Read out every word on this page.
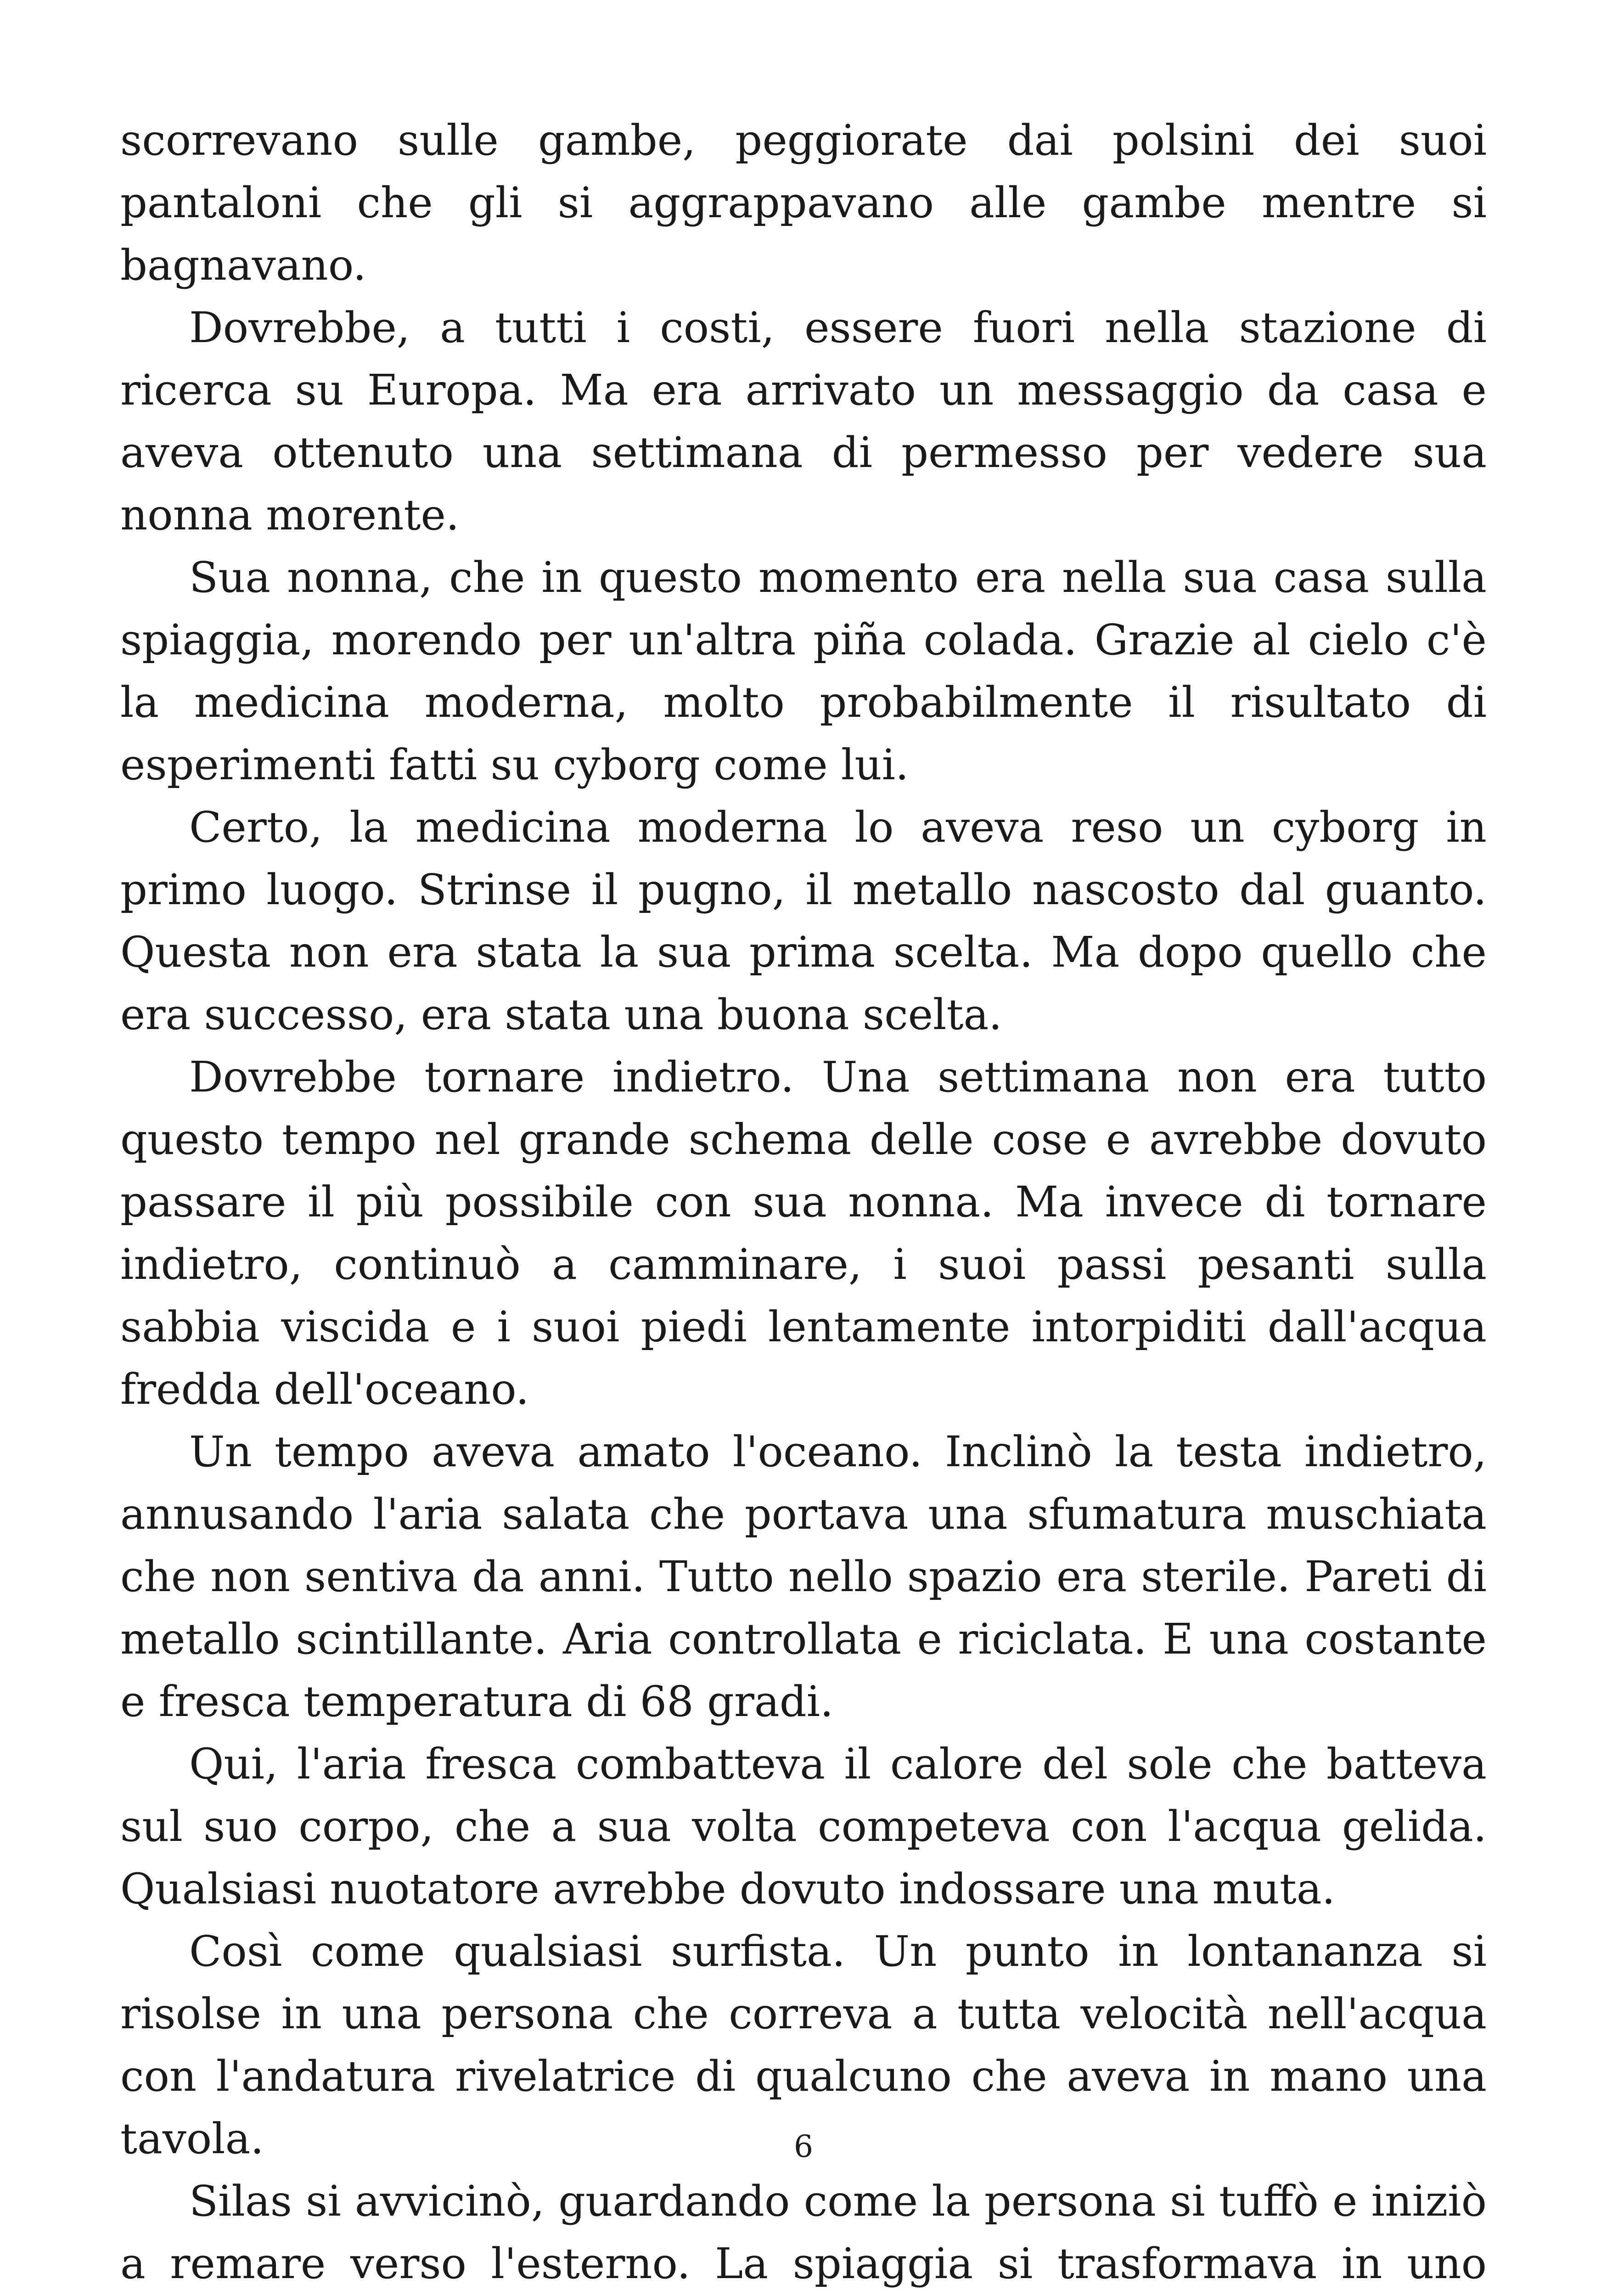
scorrevano sulle gambe, peggiorate dai polsini dei suoi pantaloni che gli si aggrappavano alle gambe mentre si bagnavano.

Dovrebbe, a tutti i costi, essere fuori nella stazione di ricerca su Europa. Ma era arrivato un messaggio da casa e aveva ottenuto una settimana di permesso per vedere sua nonna morente.

Sua nonna, che in questo momento era nella sua casa sulla spiaggia, morendo per un'altra piña colada. Grazie al cielo c'è la medicina moderna, molto probabilmente il risultato di esperimenti fatti su cyborg come lui.

Certo, la medicina moderna lo aveva reso un cyborg in primo luogo. Strinse il pugno, il metallo nascosto dal guanto. Questa non era stata la sua prima scelta. Ma dopo quello che era successo, era stata una buona scelta.

Dovrebbe tornare indietro. Una settimana non era tutto questo tempo nel grande schema delle cose e avrebbe dovuto passare il più possibile con sua nonna. Ma invece di tornare indietro, continuò a camminare, i suoi passi pesanti sulla sabbia viscida e i suoi piedi lentamente intorpiditi dall'acqua fredda dell'oceano.

Un tempo aveva amato l'oceano. Inclinò la testa indietro, annusando l'aria salata che portava una sfumatura muschiata che non sentiva da anni. Tutto nello spazio era sterile. Pareti di metallo scintillante. Aria controllata e riciclata. E una costante e fresca temperatura di 68 gradi.

Qui, l'aria fresca combatteva il calore del sole che batteva sul suo corpo, che a sua volta competeva con l'acqua gelida. Qualsiasi nuotatore avrebbe dovuto indossare una muta.

Così come qualsiasi surfista. Un punto in lontananza si risolse in una persona che correva a tutta velocità nell'acqua con l'andatura rivelatrice di qualcuno che aveva in mano una tavola.

Silas si avvicinò, guardando come la persona si tuffò e iniziò a remare verso l'esterno. La spiaggia si trasformava in uno

6
